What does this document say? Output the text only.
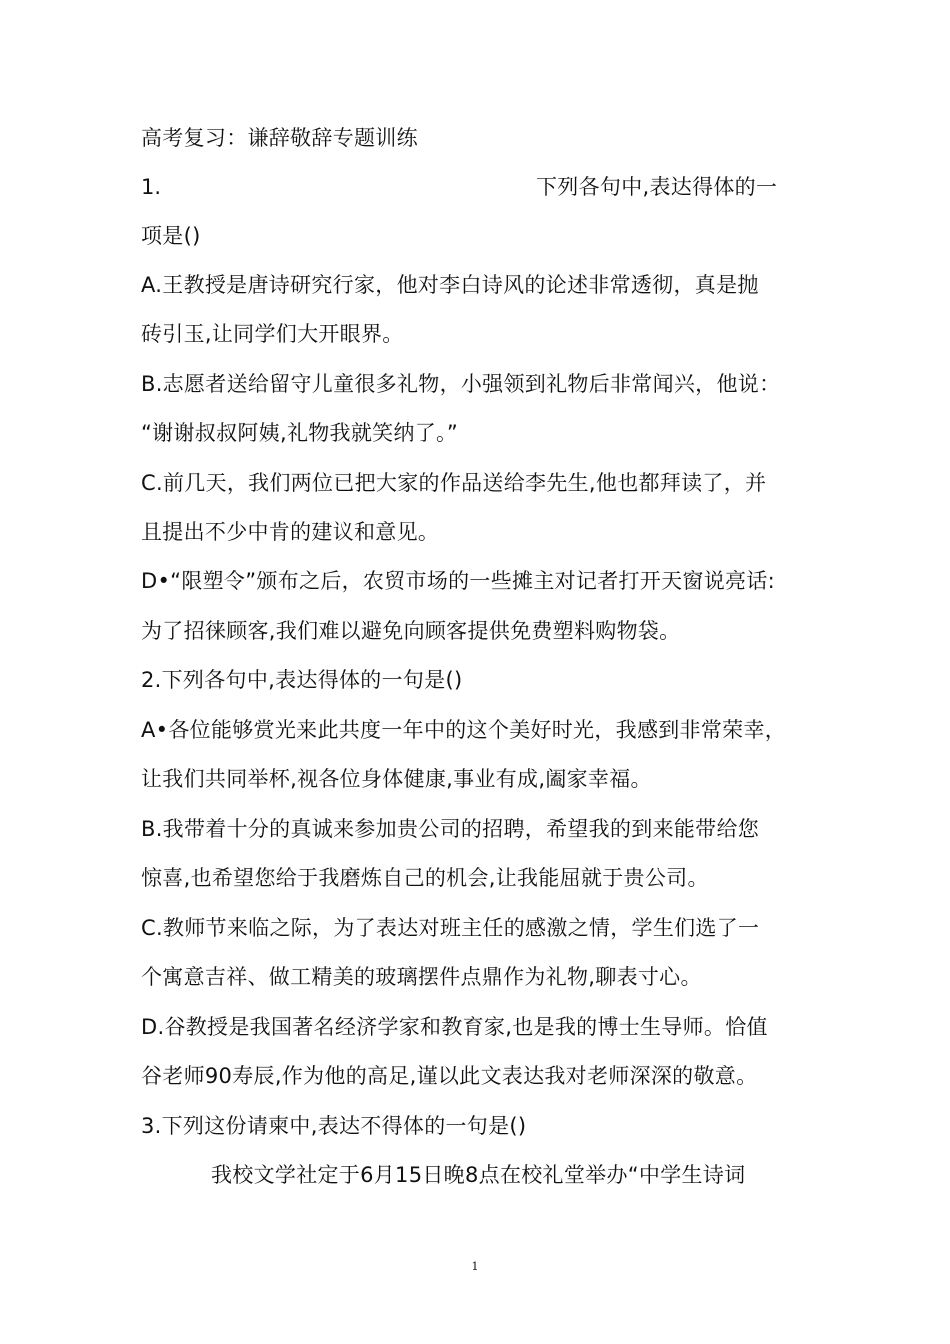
高考复习：谦辞敬辞专题训练
1.	下列各句中,表达得体的一
项是()
A.王教授是唐诗研究行家，他对李白诗风的论述非常透彻，真是抛
砖引玉,让同学们大开眼界。
B.志愿者送给留守儿童很多礼物，小强领到礼物后非常闻兴，他说：
“谢谢叔叔阿姨,礼物我就笑纳了。”
C.前几天，我们两位已把大家的作品送给李先生,他也都拜读了，并
且提出不少中肯的建议和意见。
D•“限塑令”颁布之后，农贸市场的一些摊主对记者打开天窗说亮话:
为了招徕顾客,我们难以避免向顾客提供免费塑料购物袋。
2.下列各句中,表达得体的一句是()
A•各位能够赏光来此共度一年中的这个美好时光，我感到非常荣幸，
让我们共同举杯,视各位身体健康,事业有成,阖家幸福。
B.我带着十分的真诚来参加贵公司的招聘，希望我的到来能带给您
惊喜,也希望您给于我磨炼自己的机会,让我能屈就于贵公司。
C.教师节来临之际，为了表达对班主任的感激之情，学生们选了一
个寓意吉祥、做工精美的玻璃摆件点鼎作为礼物,聊表寸心。
D.谷教授是我国著名经济学家和教育家,也是我的博士生导师。恰值
谷老师90寿辰,作为他的高足,谨以此文表达我对老师深深的敬意。
3.下列这份请柬中,表达不得体的一句是()
我校文学社定于6月15日晚8点在校礼堂举办“中学生诗词
1
